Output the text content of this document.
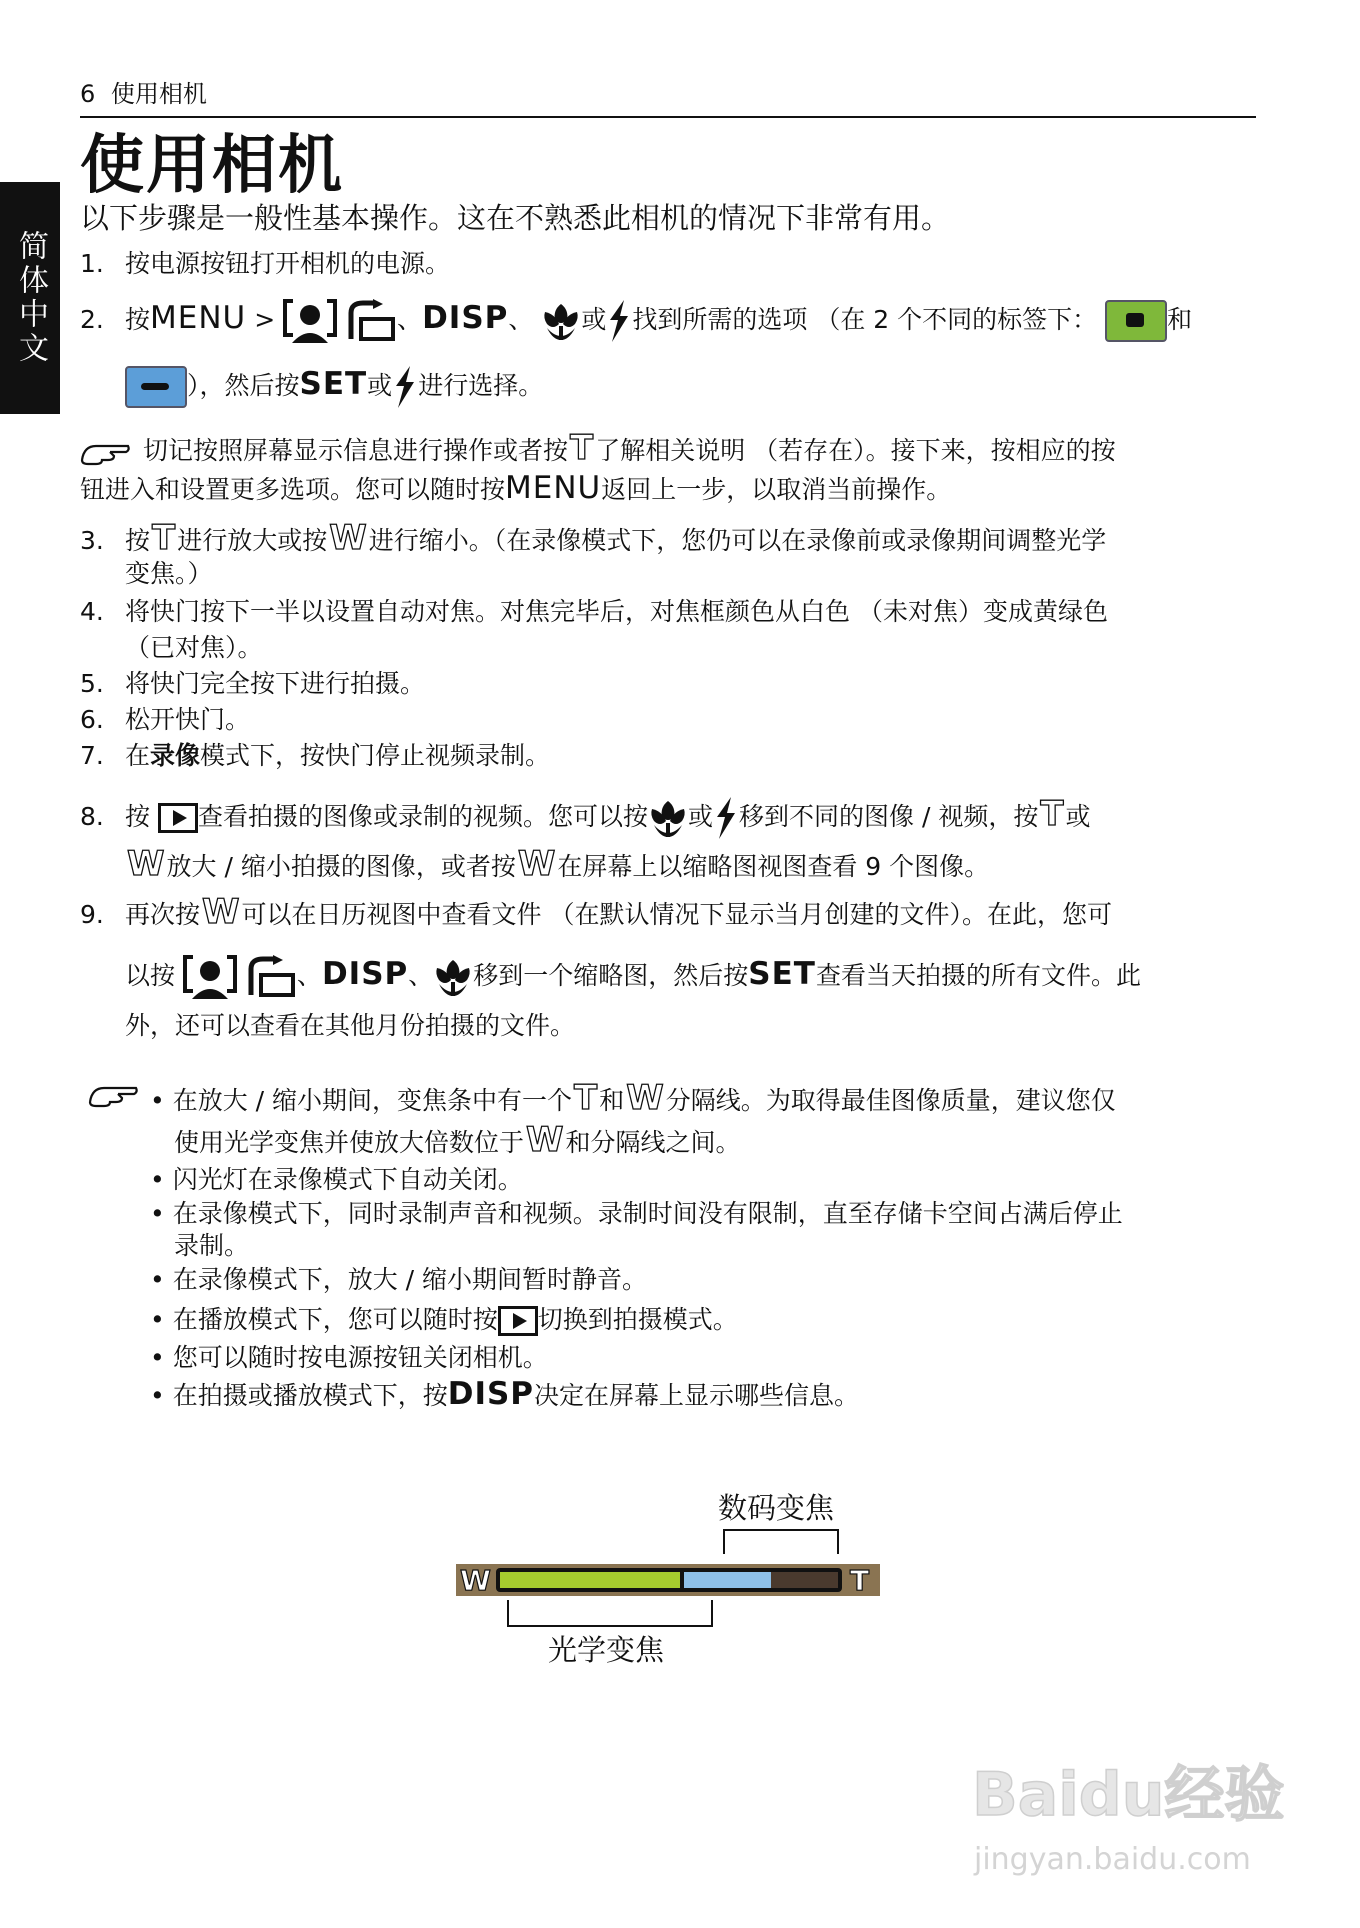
6 使用相机
简体中文
使用相机
以下步骤是一般性基本操作。这在不熟悉此相机的情况下非常有用。
1. 按电源按钮打开相机的电源。
2. 按MENU >	、DISP、 或 找到所需的选项 （在 2 个不同的标签下：	和
），然后按SET或 进行选择。
切记按照屏幕显示信息进行操作或者按T了解相关说明 （若存在）。接下来，按相应的按
钮进入和设置更多选项。您可以随时按MENU返回上一步，以取消当前操作。
3. 按T进行放大或按W进行缩小。（在录像模式下，您仍可以在录像前或录像期间调整光学
变焦。）
4. 将快门按下一半以设置自动对焦。对焦完毕后，对焦框颜色从白色 （未对焦）变成黄绿色
（已对焦）。
5. 将快门完全按下进行拍摄。
6. 松开快门。
7. 在录像模式下，按快门停止视频录制。
8. 按 查看拍摄的图像或录制的视频。您可以按 或 移到不同的图像 / 视频，按T或
W放大 / 缩小拍摄的图像，或者按W在屏幕上以缩略图视图查看 9 个图像。
9. 再次按W可以在日历视图中查看文件 （在默认情况下显示当月创建的文件）。在此，您可
以按	、DISP、 移到一个缩略图，然后按SET查看当天拍摄的所有文件。此
外，还可以查看在其他月份拍摄的文件。
• 在放大 / 缩小期间，变焦条中有一个T和W分隔线。为取得最佳图像质量，建议您仅
使用光学变焦并使放大倍数位于W和分隔线之间。
• 闪光灯在录像模式下自动关闭。
• 在录像模式下，同时录制声音和视频。录制时间没有限制，直至存储卡空间占满后停止
录制。
• 在录像模式下，放大 / 缩小期间暂时静音。
• 在播放模式下，您可以随时按 切换到拍摄模式。
• 您可以随时按电源按钮关闭相机。
• 在拍摄或播放模式下，按DISP决定在屏幕上显示哪些信息。
数码变焦
W	T
光学变焦
Baidu经验
jingyan.baidu.com
